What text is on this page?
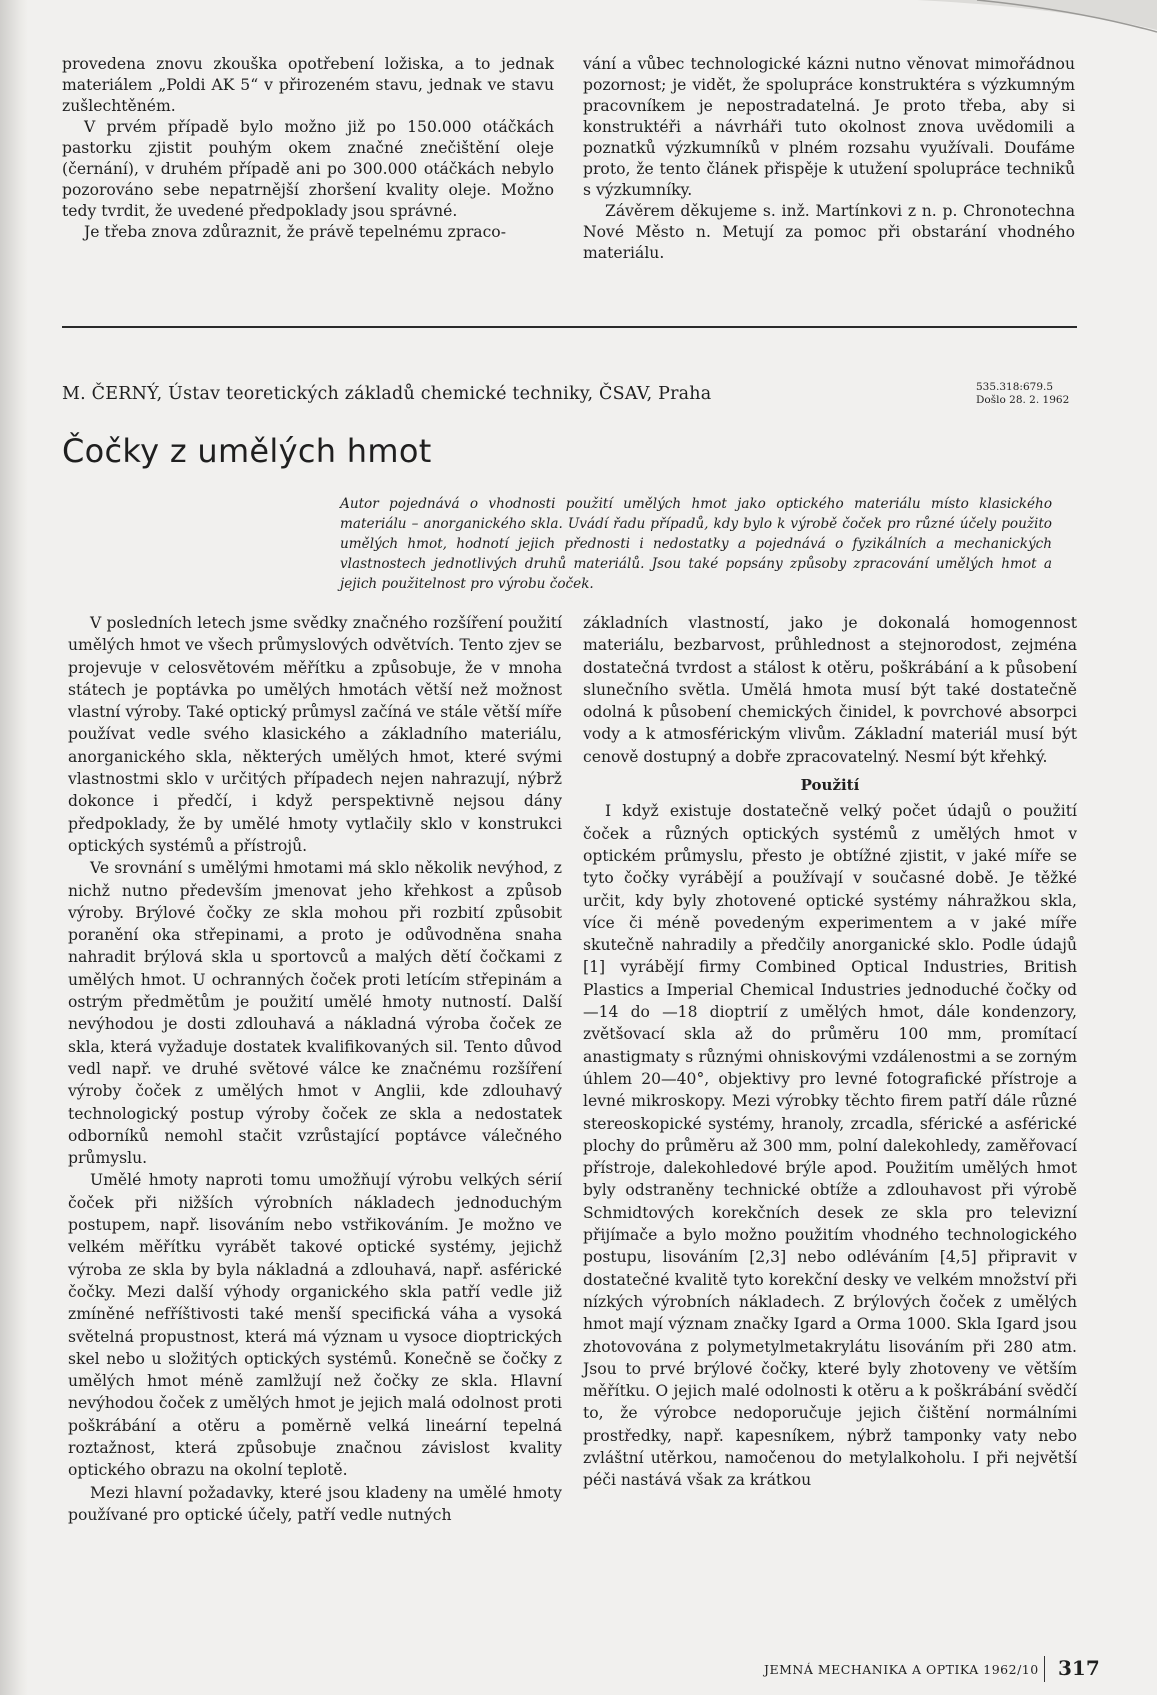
provedena znovu zkouška opotřebení ložiska, a to jednak materiálem „Poldi AK 5“ v přirozeném stavu, jednak ve stavu zušlechtěném.

V prvém případě bylo možno již po 150.000 otáčkách pastorku zjistit pouhým okem značné znečištění oleje (černání), v druhém případě ani po 300.000 otáčkách nebylo pozorováno sebe nepatrnější zhoršení kvality oleje. Možno tedy tvrdit, že uvedené předpoklady jsou správné.

Je třeba znova zdůraznit, že právě tepelnému zpraco-

vání a vůbec technologické kázni nutno věnovat mimořádnou pozornost; je vidět, že spolupráce konstruktéra s výzkumným pracovníkem je nepostradatelná. Je proto třeba, aby si konstruktéři a návrháři tuto okolnost znova uvědomili a poznatků výzkumníků v plném rozsahu využívali. Doufáme proto, že tento článek přispěje k utužení spolupráce techniků s výzkumníky.

Závěrem děkujeme s. inž. Martínkovi z n. p. Chronotechna Nové Město n. Metují za pomoc při obstarání vhodného materiálu.

M. ČERNÝ, Ústav teoretických základů chemické techniky, ČSAV, Praha	535.318:679.5
Došlo 28. 2. 1962
Čočky z umělých hmot
Autor pojednává o vhodnosti použití umělých hmot jako optického materiálu místo klasického materiálu – anorganického skla. Uvádí řadu případů, kdy bylo k výrobě čoček pro různé účely použito umělých hmot, hodnotí jejich přednosti i nedostatky a pojednává o fyzikálních a mechanických vlastnostech jednotlivých druhů materiálů. Jsou také popsány způsoby zpracování umělých hmot a jejich použitelnost pro výrobu čoček.

V posledních letech jsme svědky značného rozšíření použití umělých hmot ve všech průmyslových odvětvích. Tento zjev se projevuje v celosvětovém měřítku a způsobuje, že v mnoha státech je poptávka po umělých hmotách větší než možnost vlastní výroby. Také optický průmysl začíná ve stále větší míře používat vedle svého klasického a základního materiálu, anorganického skla, některých umělých hmot, které svými vlastnostmi sklo v určitých případech nejen nahrazují, nýbrž dokonce i předčí, i když perspektivně nejsou dány předpoklady, že by umělé hmoty vytlačily sklo v konstrukci optických systémů a přístrojů.

Ve srovnání s umělými hmotami má sklo několik nevýhod, z nichž nutno především jmenovat jeho křehkost a způsob výroby. Brýlové čočky ze skla mohou při rozbití způsobit poranění oka střepinami, a proto je odůvodněna snaha nahradit brýlová skla u sportovců a malých dětí čočkami z umělých hmot. U ochranných čoček proti letícím střepinám a ostrým předmětům je použití umělé hmoty nutností. Další nevýhodou je dosti zdlouhavá a nákladná výroba čoček ze skla, která vyžaduje dostatek kvalifikovaných sil. Tento důvod vedl např. ve druhé světové válce ke značnému rozšíření výroby čoček z umělých hmot v Anglii, kde zdlouhavý technologický postup výroby čoček ze skla a nedostatek odborníků nemohl stačit vzrůstající poptávce válečného průmyslu.

Umělé hmoty naproti tomu umožňují výrobu velkých sérií čoček při nižších výrobních nákladech jednoduchým postupem, např. lisováním nebo vstřikováním. Je možno ve velkém měřítku vyrábět takové optické systémy, jejichž výroba ze skla by byla nákladná a zdlouhavá, např. asférické čočky. Mezi další výhody organického skla patří vedle již zmíněné nefříštivosti také menší specifická váha a vysoká světelná propustnost, která má význam u vysoce dioptrických skel nebo u složitých optických systémů. Konečně se čočky z umělých hmot méně zamlžují než čočky ze skla. Hlavní nevýhodou čoček z umělých hmot je jejich malá odolnost proti poškrábání a otěru a poměrně velká lineární tepelná roztažnost, která způsobuje značnou závislost kvality optického obrazu na okolní teplotě.

Mezi hlavní požadavky, které jsou kladeny na umělé hmoty používané pro optické účely, patří vedle nutných

základních vlastností, jako je dokonalá homogennost materiálu, bezbarvost, průhlednost a stejnorodost, zejména dostatečná tvrdost a stálost k otěru, poškrábání a k působení slunečního světla. Umělá hmota musí být také dostatečně odolná k působení chemických činidel, k povrchové absorpci vody a k atmosférickým vlivům. Základní materiál musí být cenově dostupný a dobře zpracovatelný. Nesmí být křehký.

Použití

I když existuje dostatečně velký počet údajů o použití čoček a různých optických systémů z umělých hmot v optickém průmyslu, přesto je obtížné zjistit, v jaké míře se tyto čočky vyrábějí a používají v současné době. Je těžké určit, kdy byly zhotovené optické systémy náhražkou skla, více či méně povedeným experimentem a v jaké míře skutečně nahradily a předčily anorganické sklo. Podle údajů [1] vyrábějí firmy Combined Optical Industries, British Plastics a Imperial Chemical Industries jednoduché čočky od —14 do —18 dioptrií z umělých hmot, dále kondenzory, zvětšovací skla až do průměru 100 mm, promítací anastigmaty s různými ohniskovými vzdálenostmi a se zorným úhlem 20—40°, objektivy pro levné fotografické přístroje a levné mikroskopy. Mezi výrobky těchto firem patří dále různé stereoskopické systémy, hranoly, zrcadla, sférické a asférické plochy do průměru až 300 mm, polní dalekohledy, zaměřovací přístroje, dalekohledové brýle apod. Použitím umělých hmot byly odstraněny technické obtíže a zdlouhavost při výrobě Schmidtových korekčních desek ze skla pro televizní přijímače a bylo možno použitím vhodného technologického postupu, lisováním [2,3] nebo odléváním [4,5] připravit v dostatečné kvalitě tyto korekční desky ve velkém množství při nízkých výrobních nákladech. Z brýlových čoček z umělých hmot mají význam značky Igard a Orma 1000. Skla Igard jsou zhotovována z polymetylmetakrylátu lisováním při 280 atm. Jsou to prvé brýlové čočky, které byly zhotoveny ve větším měřítku. O jejich malé odolnosti k otěru a k poškrábání svědčí to, že výrobce nedoporučuje jejich čištění normálními prostředky, např. kapesníkem, nýbrž tamponky vaty nebo zvláštní utěrkou, namočenou do metylalkoholu. I při největší péči nastává však za krátkou

JEMNÁ MECHANIKA A OPTIKA 1962/10 317
